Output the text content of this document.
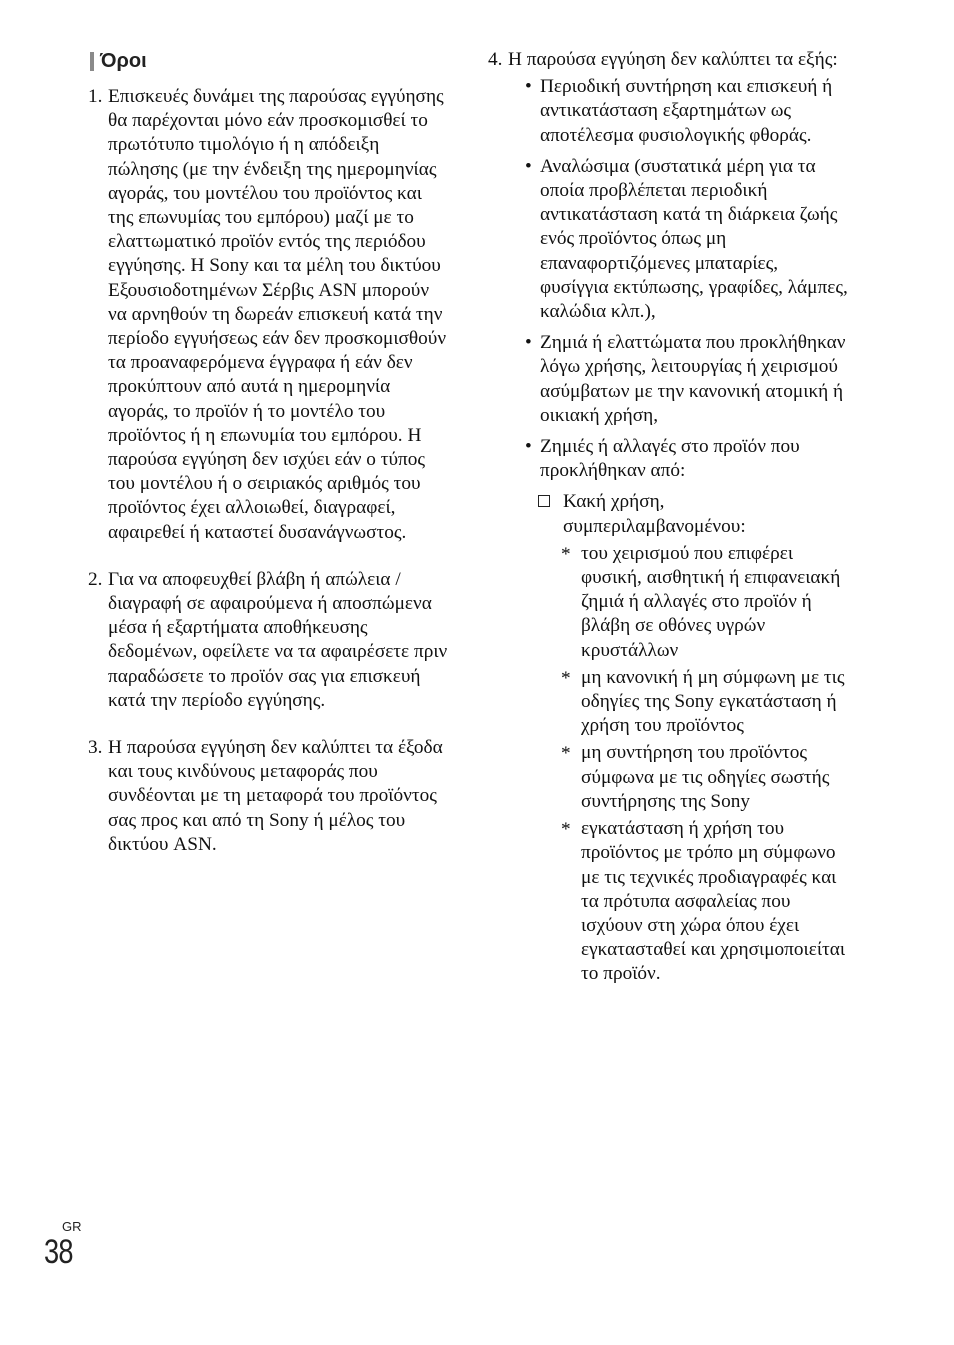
Όροι
1. Επισκευές δυνάμει της παρούσας εγγύησης θα παρέχονται μόνο εάν προσκομισθεί το πρωτότυπο τιμολόγιο ή η απόδειξη πώλησης (με την ένδειξη της ημερομηνίας αγοράς, του μοντέλου του προϊόντος και της επωνυμίας του εμπόρου) μαζί με το ελαττωματικό προϊόν εντός της περιόδου εγγύησης. Η Sony και τα μέλη του δικτύου Εξουσιοδοτημένων Σέρβις ASN μπορούν να αρνηθούν τη δωρεάν επισκευή κατά την περίοδο εγγυήσεως εάν δεν προσκομισθούν τα προαναφερόμενα έγγραφα ή εάν δεν προκύπτουν από αυτά η ημερομηνία αγοράς, το προϊόν ή το μοντέλο του προϊόντος ή η επωνυμία του εμπόρου. Η παρούσα εγγύηση δεν ισχύει εάν ο τύπος του μοντέλου ή ο σειριακός αριθμός του προϊόντος έχει αλλοιωθεί, διαγραφεί, αφαιρεθεί ή καταστεί δυσανάγνωστος.
2. Για να αποφευχθεί βλάβη ή απώλεια / διαγραφή σε αφαιρούμενα ή αποσπώμενα μέσα ή εξαρτήματα αποθήκευσης δεδομένων, οφείλετε να τα αφαιρέσετε πριν παραδώσετε το προϊόν σας για επισκευή κατά την περίοδο εγγύησης.
3. Η παρούσα εγγύηση δεν καλύπτει τα έξοδα και τους κινδύνους μεταφοράς που συνδέονται με τη μεταφορά του προϊόντος σας προς και από τη Sony ή μέλος του δικτύου ASN.
4. Η παρούσα εγγύηση δεν καλύπτει τα εξής:
• Περιοδική συντήρηση και επισκευή ή αντικατάσταση εξαρτημάτων ως αποτέλεσμα φυσιολογικής φθοράς.
• Αναλώσιμα (συστατικά μέρη για τα οποία προβλέπεται περιοδική αντικατάσταση κατά τη διάρκεια ζωής ενός προϊόντος όπως μη επαναφορτιζόμενες μπαταρίες, φυσίγγια εκτύπωσης, γραφίδες, λάμπες, καλώδια κλπ.),
• Ζημιά ή ελαττώματα που προκλήθηκαν λόγω χρήσης, λειτουργίας ή χειρισμού ασύμβατων με την κανονική ατομική ή οικιακή χρήση,
• Ζημιές ή αλλαγές στο προϊόν που προκλήθηκαν από:
Κακή χρήση, συμπεριλαμβανομένου:
* του χειρισμού που επιφέρει φυσική, αισθητική ή επιφανειακή ζημιά ή αλλαγές στο προϊόν ή βλάβη σε οθόνες υγρών κρυστάλλων
* μη κανονική ή μη σύμφωνη με τις οδηγίες της Sony εγκατάσταση ή χρήση του προϊόντος
* μη συντήρηση του προϊόντος σύμφωνα με τις οδηγίες σωστής συντήρησης της Sony
* εγκατάσταση ή χρήση του προϊόντος με τρόπο μη σύμφωνο με τις τεχνικές προδιαγραφές και τα πρότυπα ασφαλείας που ισχύουν στη χώρα όπου έχει εγκατασταθεί και χρησιμοποιείται το προϊόν.
GR
38
